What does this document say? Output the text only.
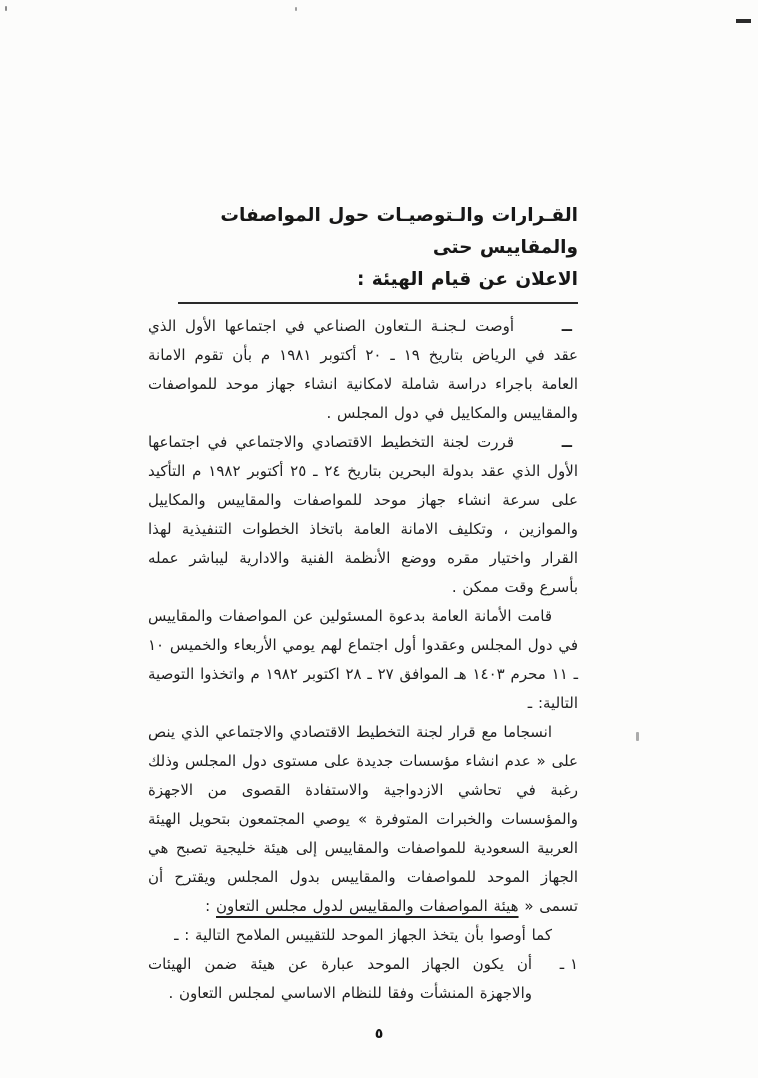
القـرارات والـتوصيـات حول المواصفات والمقاييس حتى
الاعلان عن قيام الهيئة :
ــ
أوصت لـجنـة الـتعاون الصناعي في اجتماعها الأول الذي عقد في الرياض بتاريخ ١٩ ـ ٢٠ أكتوبر ١٩٨١ م بأن تقوم الامانة العامة باجراء دراسة شاملة لامكانية انشاء جهاز موحد للمواصفات والمقاييس والمكاييل في دول المجلس .
ــ
قررت لجنة التخطيط الاقتصادي والاجتماعي في اجتماعها الأول الذي عقد بدولة البحرين بتاريخ ٢٤ ـ ٢٥ أكتوبر ١٩٨٢ م التأكيد على سرعة انشاء جهاز موحد للمواصفات والمقاييس والمكاييل والموازين ، وتكليف الامانة العامة باتخاذ الخطوات التنفيذية لهذا القرار واختيار مقره ووضع الأنظمة الفنية والادارية ليباشر عمله بأسرع وقت ممكن .
قامت الأمانة العامة بدعوة المسئولين عن المواصفات والمقاييس في دول المجلس وعقدوا أول اجتماع لهم يومي الأربعاء والخميس ١٠ ـ ١١ محرم ١٤٠٣ هـ الموافق ٢٧ ـ ٢٨ اكتوبر ١٩٨٢ م واتخذوا التوصية التالية: ـ
انسجاما مع قرار لجنة التخطيط الاقتصادي والاجتماعي الذي ينص على « عدم انشاء مؤسسات جديدة على مستوى دول المجلس وذلك رغبة في تحاشي الازدواجية والاستفادة القصوى من الاجهزة والمؤسسات والخبرات المتوفرة » يوصي المجتمعون بتحويل الهيئة العربية السعودية للمواصفات والمقاييس إلى هيئة خليجية تصبح هي الجهاز الموحد للمواصفات والمقاييس بدول المجلس ويقترح أن تسمى « هيئة المواصفات والمقاييس لدول مجلس التعاون :
كما أوصوا بأن يتخذ الجهاز الموحد للتقييس الملامح التالية : ـ
١ ـ
أن يكون الجهاز الموحد عبارة عن هيئة ضمن الهيئات والاجهزة المنشأت وفقا للنظام الاساسي لمجلس التعاون .
٥
